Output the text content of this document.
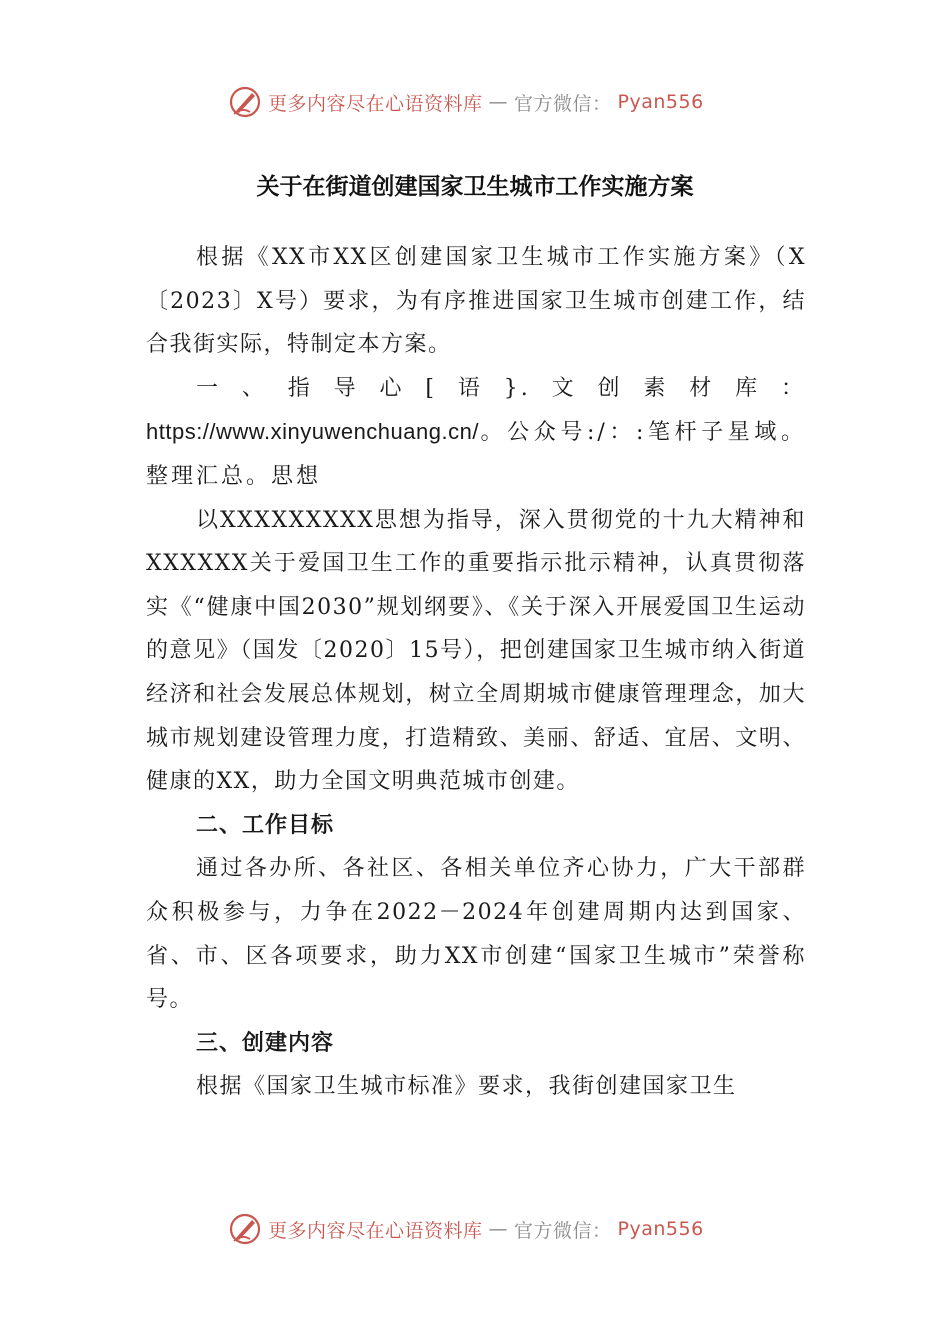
更多内容尽在心语资料库 — 官方微信： Pyan556
关于在街道创建国家卫生城市工作实施方案

根据《XX市XX区创建国家卫生城市工作实施方案》（X〔2023〕X号）要求，为有序推进国家卫生城市创建工作，结合我街实际，特制定本方案。

一、指导心[语}.文创素材库：https://www.xinyuwenchuang.cn/。公众号:/：:笔杆子星域。整理汇总。思想

以XXXXXXXXX思想为指导，深入贯彻党的十九大精神和XXXXXX关于爱国卫生工作的重要指示批示精神，认真贯彻落实《“健康中国2030”规划纲要》、《关于深入开展爱国卫生运动的意见》（国发〔2020〕15号），把创建国家卫生城市纳入街道经济和社会发展总体规划，树立全周期城市健康管理理念，加大城市规划建设管理力度，打造精致、美丽、舒适、宜居、文明、健康的XX，助力全国文明典范城市创建。

二、工作目标

通过各办所、各社区、各相关单位齐心协力，广大干部群众积极参与，力争在2022－2024年创建周期内达到国家、省、市、区各项要求，助力XX市创建“国家卫生城市”荣誉称号。

三、创建内容

根据《国家卫生城市标准》要求，我街创建国家卫生

更多内容尽在心语资料库 — 官方微信： Pyan556
